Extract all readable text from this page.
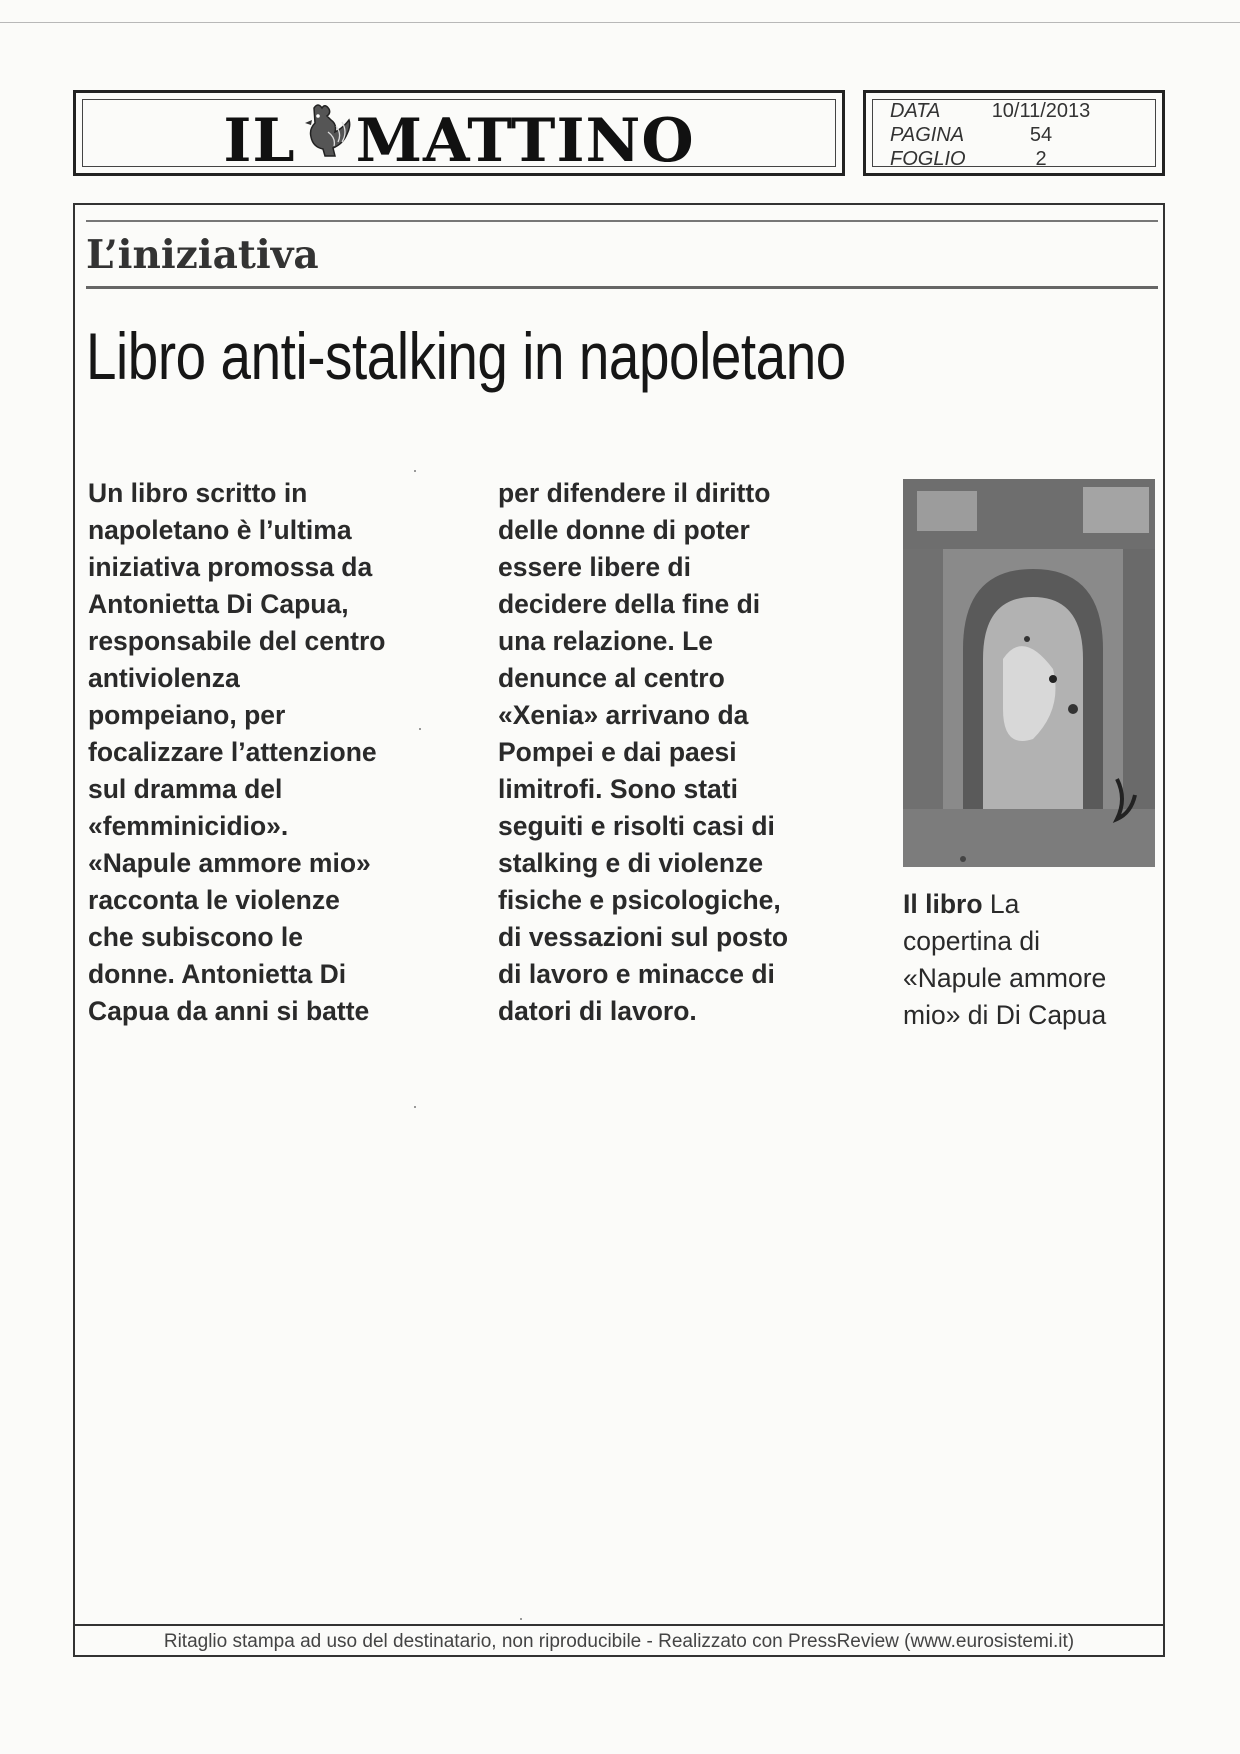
IL MATTINO	DATA	10/11/2013
PAGINA	54
FOGLIO	2
L’iniziativa
Libro anti-stalking in napoletano
Un libro scritto in
napoletano è l’ultima
iniziativa promossa da
Antonietta Di Capua,
responsabile del centro
antiviolenza
pompeiano, per
focalizzare l’attenzione
sul dramma del
«femminicidio».
«Napule ammore mio»
racconta le violenze
che subiscono le
donne. Antonietta Di
Capua da anni si batte
per difendere il diritto
delle donne di poter
essere libere di
decidere della fine di
una relazione. Le
denunce al centro
«Xenia» arrivano da
Pompei e dai paesi
limitrofi. Sono stati
seguiti e risolti casi di
stalking e di violenze
fisiche e psicologiche,
di vessazioni sul posto
di lavoro e minacce di
datori di lavoro.
Il libro La
copertina di
«Napule ammore
mio» di Di Capua
Ritaglio stampa ad uso del destinatario, non riproducibile - Realizzato con PressReview (www.eurosistemi.it)
